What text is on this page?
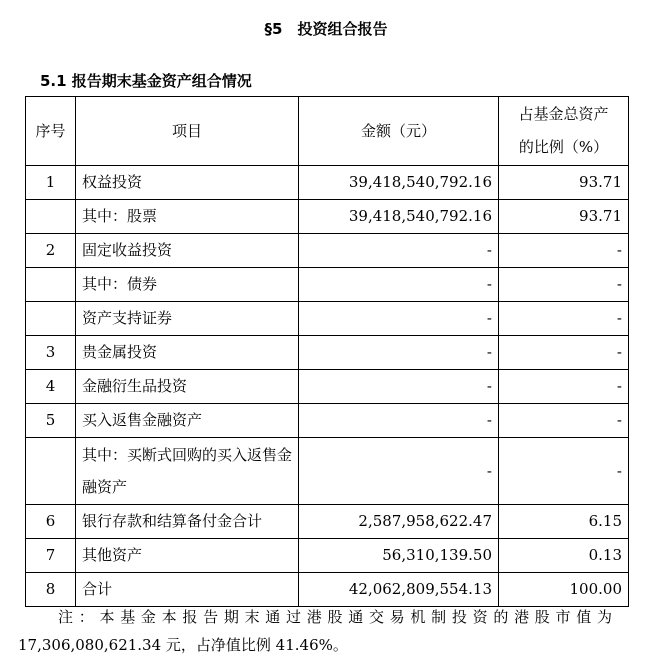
§5　投资组合报告
5.1 报告期末基金资产组合情况
序号	项目	金额（元）	占基金总资产
的比例（%）
1	权益投资	39,418,540,792.16	93.71
	其中：股票	39,418,540,792.16	93.71
2	固定收益投资	-	-
	其中：债券	-	-
	资产支持证券	-	-
3	贵金属投资	-	-
4	金融衍生品投资	-	-
5	买入返售金融资产	-	-
	其中：买断式回购的买入返售金融资产	-	-
6	银行存款和结算备付金合计	2,587,958,622.47	6.15
7	其他资产	56,310,139.50	0.13
8	合计	42,062,809,554.13	100.00
注：本基金本报告期末通过港股通交易机制投资的港股市值为
17,306,080,621.34 元，占净值比例 41.46%。
